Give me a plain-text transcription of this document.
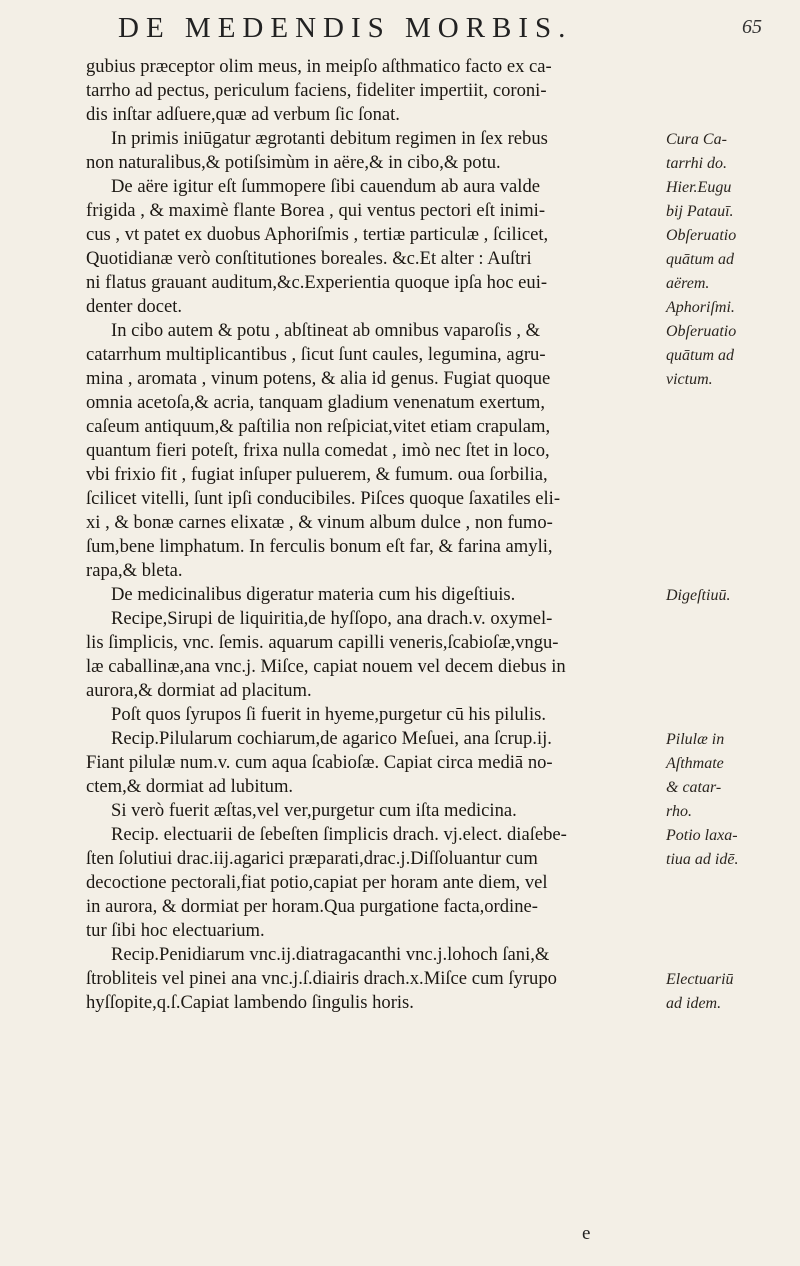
DE MEDENDIS MORBIS.	65
gubius præceptor olim meus, in meipſo aſthmatico facto ex ca-
tarrho ad pectus, periculum faciens, fideliter impertiit, coroni-
dis inſtar adſuere,quæ ad verbum ſic ſonat.
In primis iniūgatur ægrotanti debitum regimen in ſex rebus
non naturalibus,& potiſsimùm in aëre,& in cibo,& potu.
De aëre igitur eſt ſummopere ſibi cauendum ab aura valde
frigida , & maximè flante Borea , qui ventus pectori eſt inimi-
cus , vt patet ex duobus Aphoriſmis , tertiæ particulæ , ſcilicet,
Quotidianæ verò conſtitutiones boreales. &c.Et alter : Auſtri
ni flatus grauant auditum,&c.Experientia quoque ipſa hoc eui-
denter docet.
In cibo autem & potu , abſtineat ab omnibus vaparoſis , &
catarrhum multiplicantibus , ſicut ſunt caules, legumina, agru-
mina , aromata , vinum potens, & alia id genus. Fugiat quoque
omnia acetoſa,& acria, tanquam gladium venenatum exertum,
caſeum antiquum,& paſtilia non reſpiciat,vitet etiam crapulam,
quantum fieri poteſt, frixa nulla comedat , imò nec ſtet in loco,
vbi frixio fit , fugiat inſuper puluerem, & fumum. oua ſorbilia,
ſcilicet vitelli, ſunt ipſi conducibiles. Piſces quoque ſaxatiles eli-
xi , & bonæ carnes elixatæ , & vinum album dulce , non fumo-
ſum,bene limphatum. In ferculis bonum eſt far, & farina amyli,
rapa,& bleta.
De medicinalibus digeratur materia cum his digeſtiuis.
Recipe,Sirupi de liquiritia,de hyſſopo, ana drach.v. oxymel-
lis ſimplicis, vnc. ſemis. aquarum capilli veneris,ſcabioſæ,vngu-
læ caballinæ,ana vnc.j. Miſce, capiat nouem vel decem diebus in
aurora,& dormiat ad placitum.
Poſt quos ſyrupos ſi fuerit in hyeme,purgetur cū his pilulis.
Recip.Pilularum cochiarum,de agarico Meſuei, ana ſcrup.ij.
Fiant pilulæ num.v. cum aqua ſcabioſæ. Capiat circa mediā no-
ctem,& dormiat ad lubitum.
Si verò fuerit æſtas,vel ver,purgetur cum iſta medicina.
Recip. electuarii de ſebeſten ſimplicis drach. vj.elect. diaſebe-
ſten ſolutiui drac.iij.agarici præparati,drac.j.Diſſoluantur cum
decoctione pectorali,fiat potio,capiat per horam ante diem, vel
in aurora, & dormiat per horam.Qua purgatione facta,ordine-
tur ſibi hoc electuarium.
Recip.Penidiarum vnc.ij.diatragacanthi vnc.j.lohoch ſani,&
ſtrobliteis vel pinei ana vnc.j.ſ.diairis drach.x.Miſce cum ſyrupo
hyſſopite,q.ſ.Capiat lambendo ſingulis horis.
Cura Ca-
tarrhi do.
Hier.Eugu
bij Patauī.
Obſeruatio
quātum ad
aërem.
Aphoriſmi.
Obſeruatio
quātum ad
victum.
Digeſtiuū.
Pilulæ in
Aſthmate
& catar-
rho.
Potio laxa-
tiua ad idē.
Electuariū
ad idem.
e
